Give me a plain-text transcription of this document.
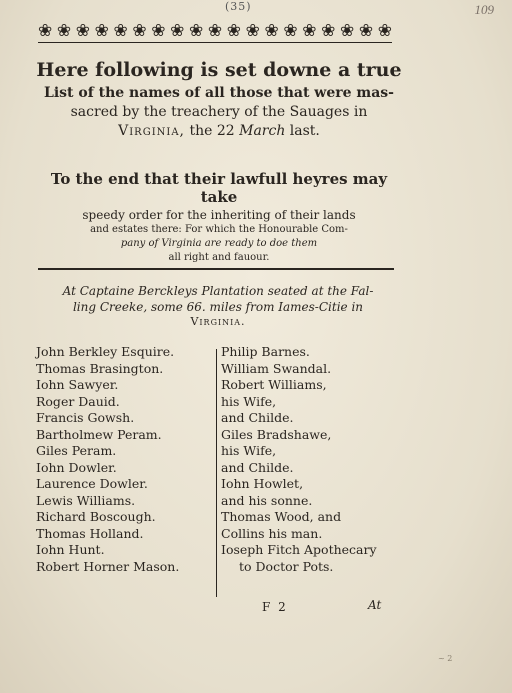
(35)	109
❀ ❀ ❀ ❀ ❀ ❀ ❀ ❀ ❀ ❀ ❀ ❀ ❀ ❀ ❀ ❀ ❀ ❀ ❀
Here following is set downe a true
List of the names of all those that were mas-
sacred by the treachery of the Sauages in
Virginia, the 22 March last.
To the end that their lawfull heyres may take
speedy order for the inheriting of their lands
and estates there: For which the Honourable Com-
pany of Virginia are ready to doe them
all right and fauour.
At Captaine Berckleys Plantation seated at the Fal-
ling Creeke, some 66. miles from Iames-Citie in
Virginia.
John Berkley Esquire.
Thomas Brasington.
Iohn Sawyer.
Roger Dauid.
Francis Gowsh.
Bartholmew Peram.
Giles Peram.
Iohn Dowler.
Laurence Dowler.
Lewis Williams.
Richard Boscough.
Thomas Holland.
Iohn Hunt.
Robert Horner Mason.
Philip Barnes.
William Swandal.
Robert Williams,
his Wife,
and Childe.
Giles Bradshawe,
his Wife,
and Childe.
Iohn Howlet,
and his sonne.
Thomas Wood, and
Collins his man.
Ioseph Fitch Apothecary
to Doctor Pots.
F 2	At
~ 2
